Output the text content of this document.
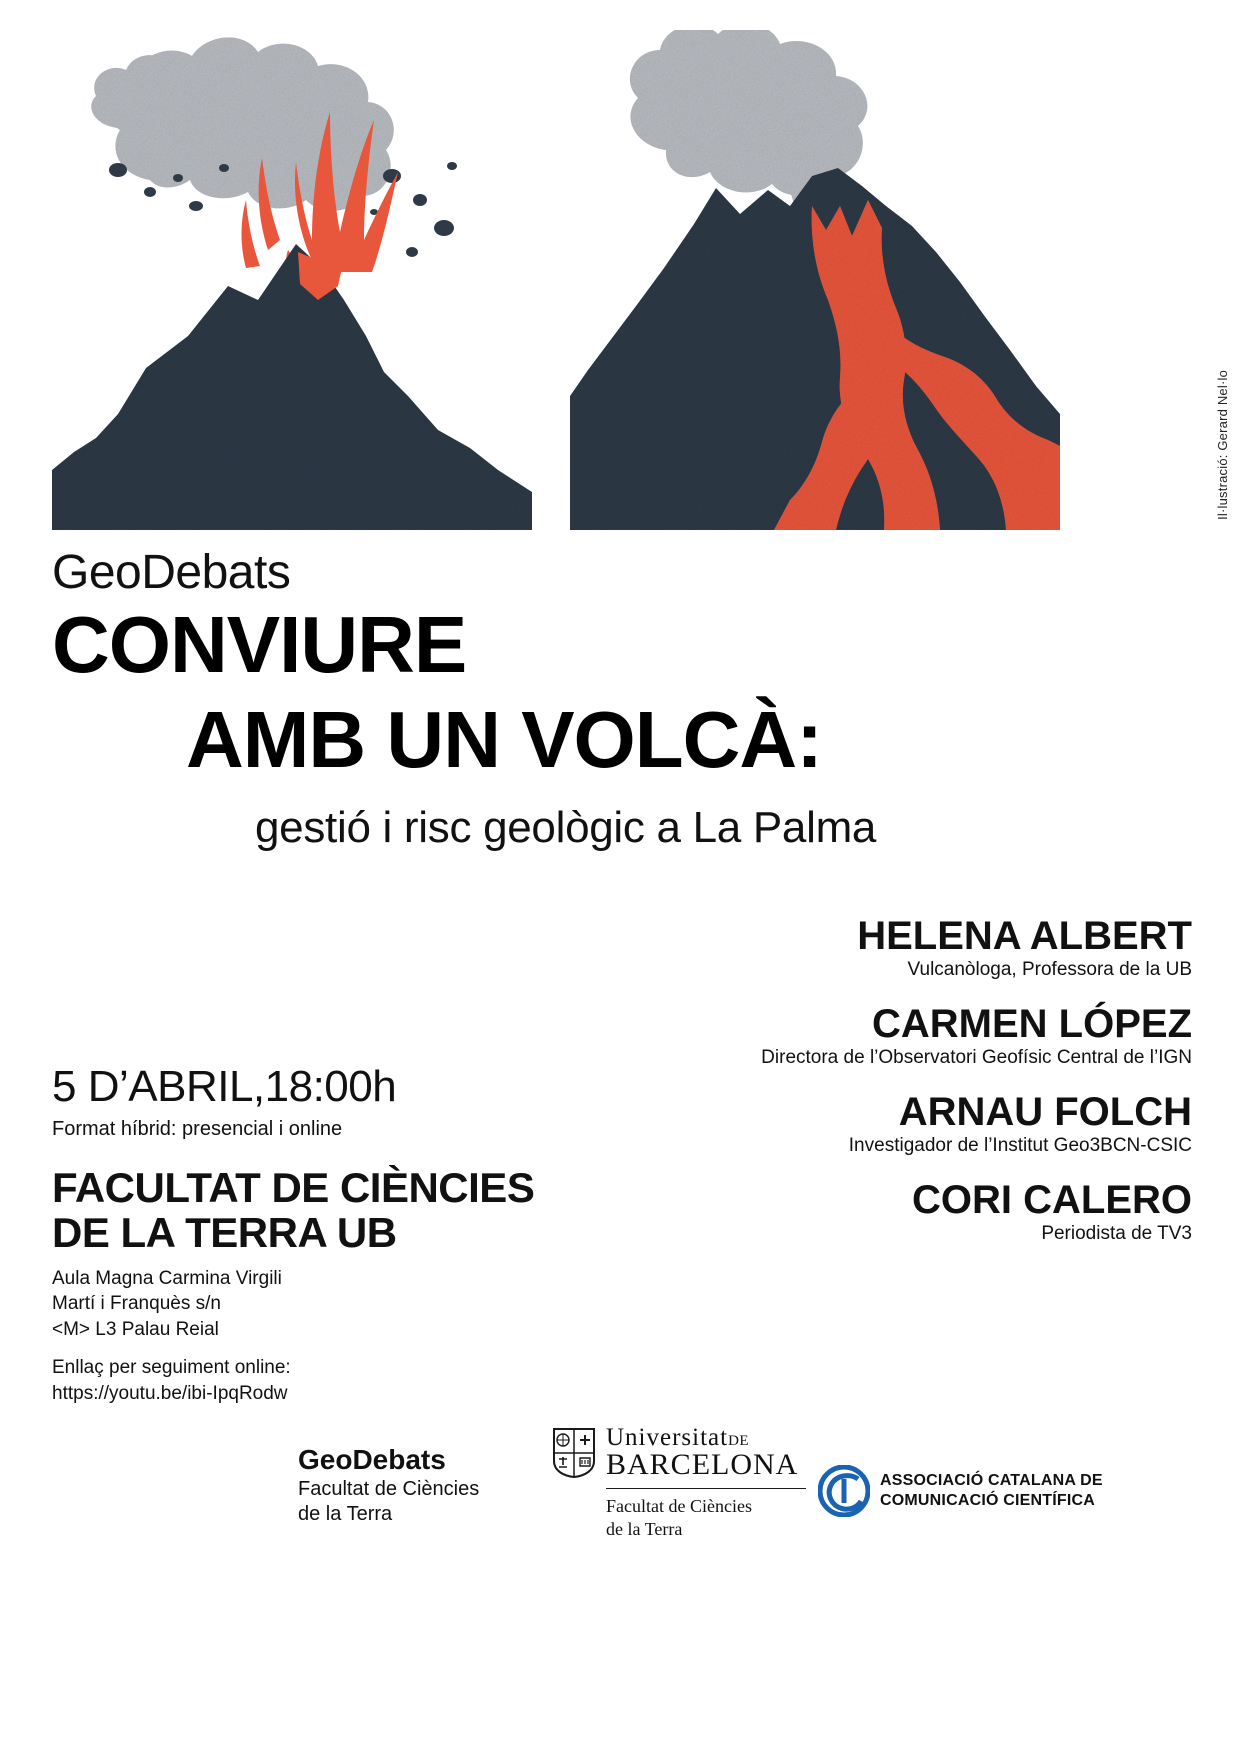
Il·lustració: Gerard Nel·lo
GeoDebats
CONVIURE
AMB UN VOLCÀ:
gestió i risc geològic a La Palma
HELENA ALBERT
Vulcanòloga, Professora de la UB
CARMEN LÓPEZ
Directora de l’Observatori Geofísic Central de l’IGN
ARNAU FOLCH
Investigador de l’Institut Geo3BCN-CSIC
CORI CALERO
Periodista de TV3
5 D’ABRIL,18:00h
Format híbrid: presencial i online
FACULTAT DE CIÈNCIES
DE LA TERRA UB
Aula Magna Carmina Virgili
Martí i Franquès s/n
<M> L3 Palau Reial
Enllaç per seguiment online:
https://youtu.be/ibi-IpqRodw
GeoDebats
Facultat de Ciències
de la Terra
UniversitatDE
BARCELONA
Facultat de Ciències
de la Terra
ASSOCIACIÓ CATALANA DE
COMUNICACIÓ CIENTÍFICA
